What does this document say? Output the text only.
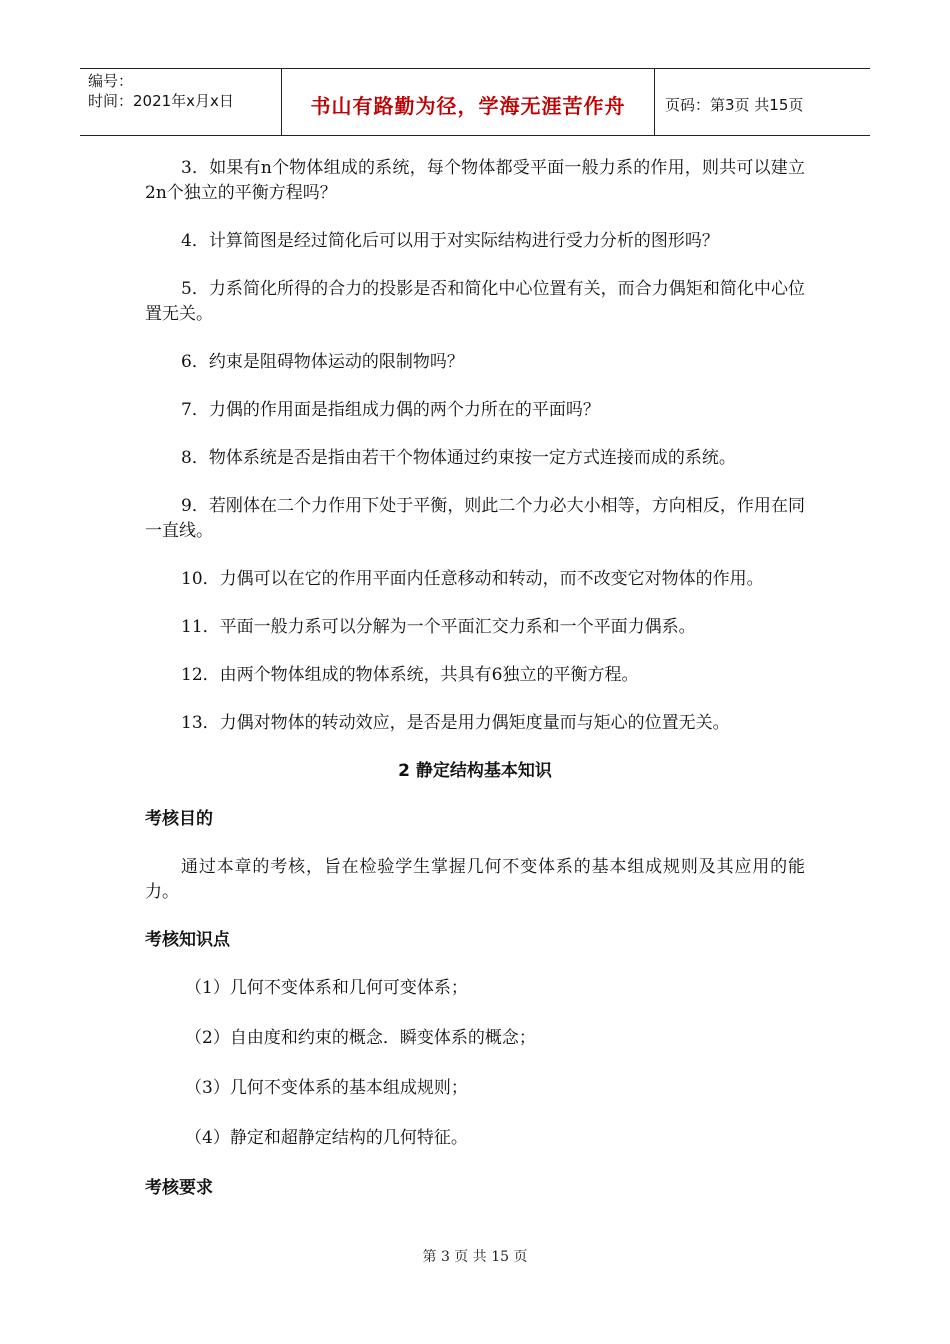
编号：
时间：2021年x月x日	书山有路勤为径，学海无涯苦作舟	页码：第3页 共15页

3．如果有n个物体组成的系统，每个物体都受平面一般力系的作用，则共可以建立2n个独立的平衡方程吗？

4．计算简图是经过简化后可以用于对实际结构进行受力分析的图形吗？

5．力系简化所得的合力的投影是否和简化中心位置有关，而合力偶矩和简化中心位置无关。

6．约束是阻碍物体运动的限制物吗？

7．力偶的作用面是指组成力偶的两个力所在的平面吗？

8．物体系统是否是指由若干个物体通过约束按一定方式连接而成的系统。

9．若刚体在二个力作用下处于平衡，则此二个力必大小相等，方向相反，作用在同一直线。

10．力偶可以在它的作用平面内任意移动和转动，而不改变它对物体的作用。

11．平面一般力系可以分解为一个平面汇交力系和一个平面力偶系。

12．由两个物体组成的物体系统，共具有6独立的平衡方程。

13．力偶对物体的转动效应，是否是用力偶矩度量而与矩心的位置无关。

2 静定结构基本知识
考核目的

通过本章的考核，旨在检验学生掌握几何不变体系的基本组成规则及其应用的能力。

考核知识点
（1）几何不变体系和几何可变体系；
（2）自由度和约束的概念．瞬变体系的概念；
（3）几何不变体系的基本组成规则；
（4）静定和超静定结构的几何特征。
考核要求
第 3 页 共 15 页
